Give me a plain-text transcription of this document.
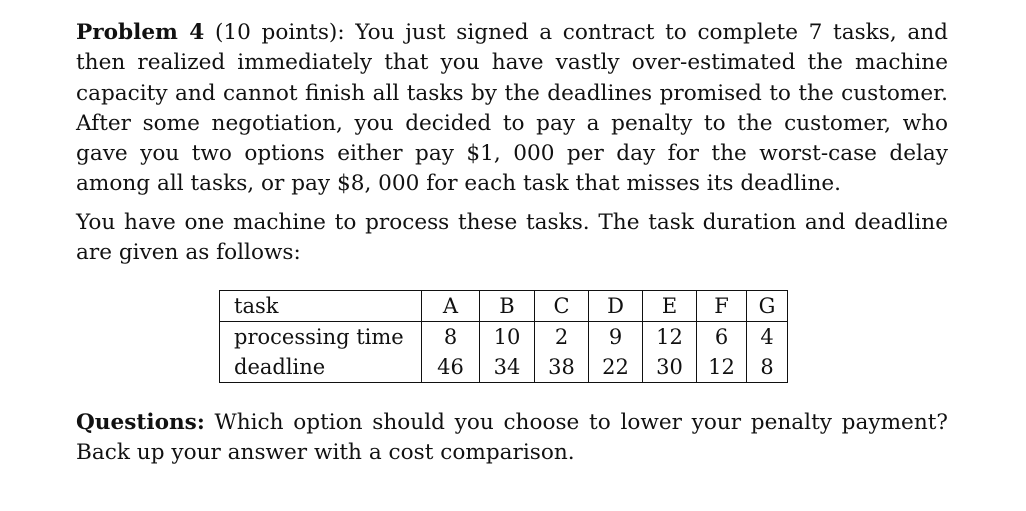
Problem 4 (10 points): You just signed a contract to complete 7 tasks, and then realized immediately that you have vastly over-estimated the machine capacity and cannot finish all tasks by the deadlines promised to the customer. After some negotiation, you decided to pay a penalty to the customer, who gave you two options either pay $1, 000 per day for the worst-case delay among all tasks, or pay $8, 000 for each task that misses its deadline.

You have one machine to process these tasks. The task duration and deadline are given as follows:

task	A	B	C	D	E	F	G
processing time	8	10	2	9	12	6	4
deadline	46	34	38	22	30	12	8

Questions: Which option should you choose to lower your penalty payment? Back up your answer with a cost comparison.
